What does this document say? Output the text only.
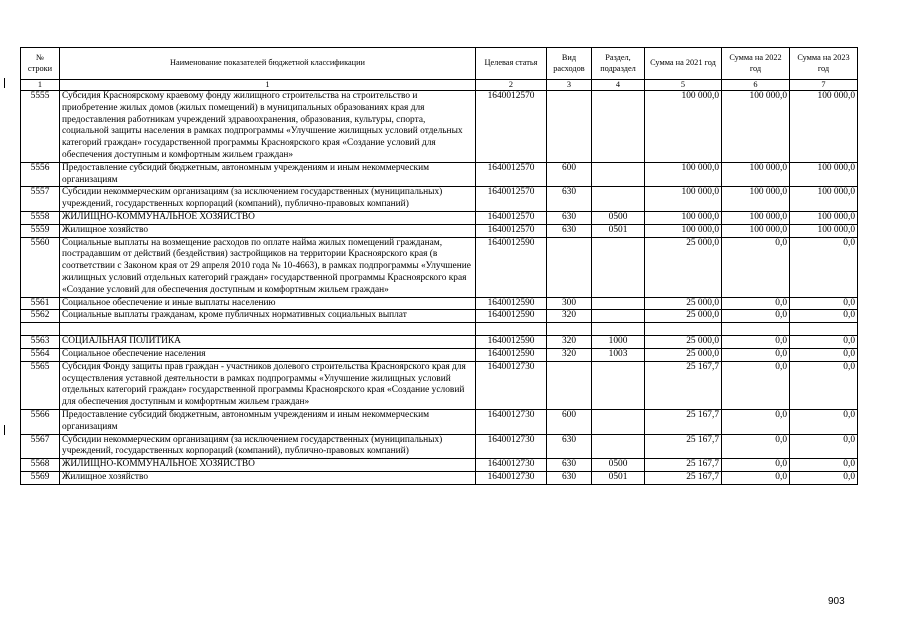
№ строки	Наименование показателей бюджетной классификации	Целевая статья	Вид расходов	Раздел, подраздел	Сумма на 2021 год	Сумма на 2022 год	Сумма на 2023 год
1	1	2	3	4	5	6	7
5555	Субсидия Красноярскому краевому фонду жилищного строительства на строительство и приобретение жилых домов (жилых помещений) в муниципальных образованиях края для предоставления работникам учреждений здравоохранения, образования, культуры, спорта, социальной защиты населения в рамках подпрограммы «Улучшение жилищных условий отдельных категорий граждан» государственной программы Красноярского края «Создание условий для обеспечения доступным и комфортным жильем граждан»	1640012570			100 000,0	100 000,0	100 000,0
5556	Предоставление субсидий бюджетным, автономным учреждениям и иным некоммерческим организациям	1640012570	600		100 000,0	100 000,0	100 000,0
5557	Субсидии некоммерческим организациям (за исключением государственных (муниципальных) учреждений, государственных корпораций (компаний), публично-правовых компаний)	1640012570	630		100 000,0	100 000,0	100 000,0
5558	ЖИЛИЩНО-КОММУНАЛЬНОЕ ХОЗЯЙСТВО	1640012570	630	0500	100 000,0	100 000,0	100 000,0
5559	Жилищное хозяйство	1640012570	630	0501	100 000,0	100 000,0	100 000,0
5560	Социальные выплаты на возмещение расходов по оплате найма жилых помещений гражданам, пострадавшим от действий (бездействия) застройщиков на территории Красноярского края (в соответствии с Законом края от 29 апреля 2010 года № 10-4663), в рамках подпрограммы «Улучшение жилищных условий отдельных категорий граждан» государственной программы Красноярского края «Создание условий для обеспечения доступным и комфортным жильем граждан»	1640012590			25 000,0	0,0	0,0
5561	Социальное обеспечение и иные выплаты населению	1640012590	300		25 000,0	0,0	0,0
5562	Социальные выплаты гражданам, кроме публичных нормативных социальных выплат	1640012590	320		25 000,0	0,0	0,0

5563	СОЦИАЛЬНАЯ ПОЛИТИКА	1640012590	320	1000	25 000,0	0,0	0,0
5564	Социальное обеспечение населения	1640012590	320	1003	25 000,0	0,0	0,0
5565	Субсидия Фонду защиты прав граждан - участников долевого строительства Красноярского края для осуществления уставной деятельности в рамках подпрограммы «Улучшение жилищных условий отдельных категорий граждан» государственной программы Красноярского края «Создание условий для обеспечения доступным и комфортным жильем граждан»	1640012730			25 167,7	0,0	0,0
5566	Предоставление субсидий бюджетным, автономным учреждениям и иным некоммерческим организациям	1640012730	600		25 167,7	0,0	0,0
5567	Субсидии некоммерческим организациям (за исключением государственных (муниципальных) учреждений, государственных корпораций (компаний), публично-правовых компаний)	1640012730	630		25 167,7	0,0	0,0
5568	ЖИЛИЩНО-КОММУНАЛЬНОЕ ХОЗЯЙСТВО	1640012730	630	0500	25 167,7	0,0	0,0
5569	Жилищное хозяйство	1640012730	630	0501	25 167,7	0,0	0,0
903
